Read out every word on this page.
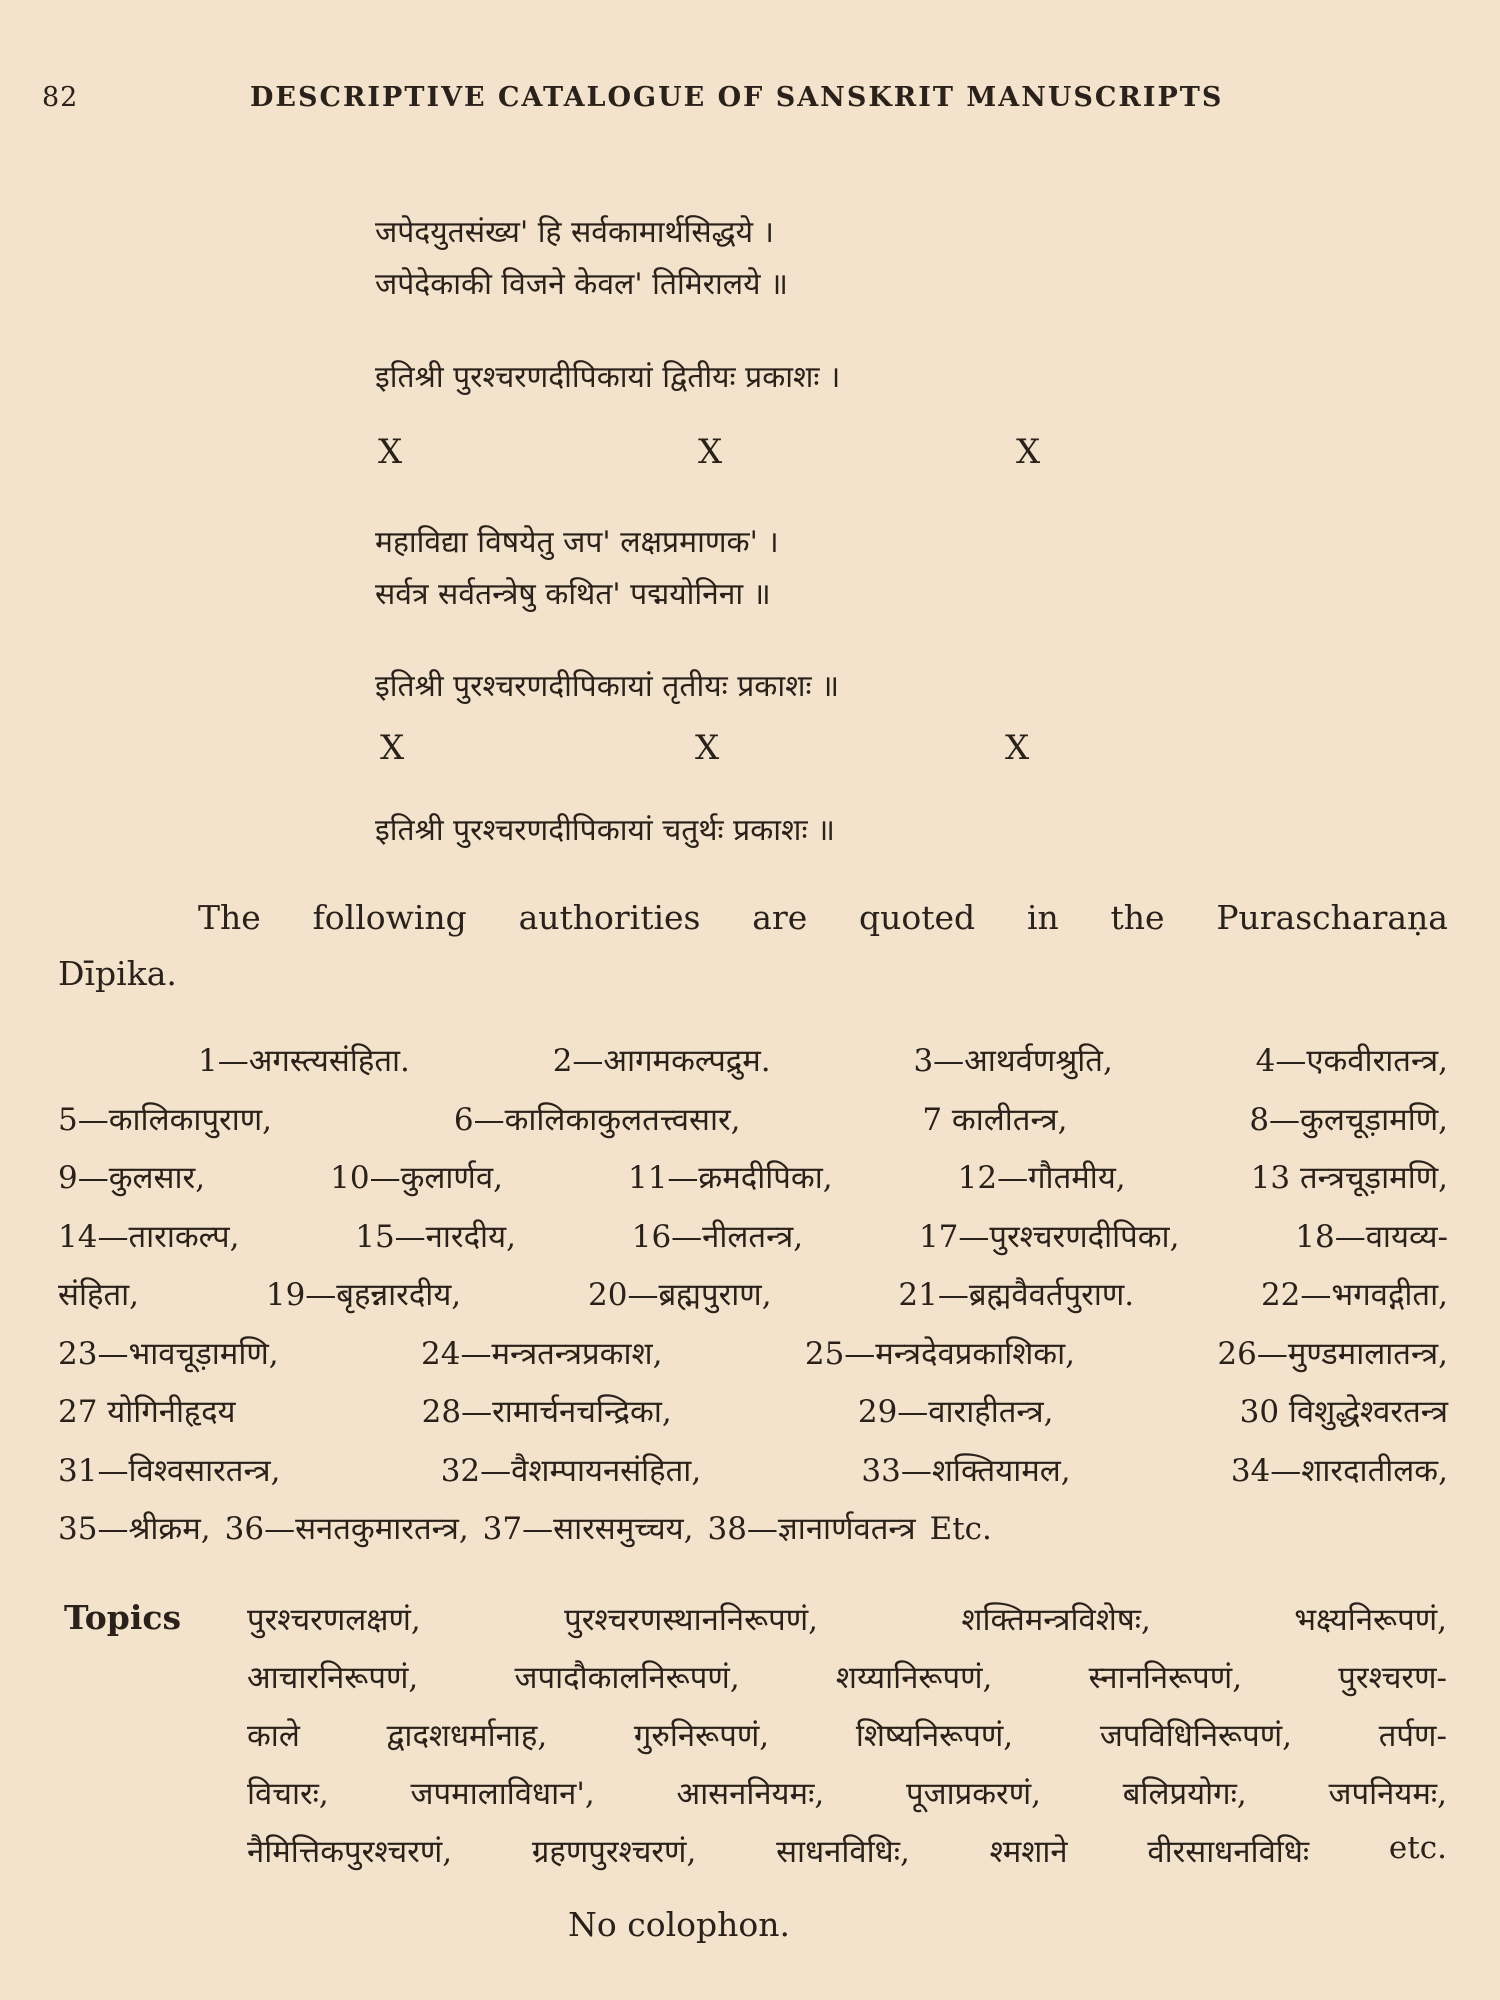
82	DESCRIPTIVE CATALOGUE OF SANSKRIT MANUSCRIPTS
जपेदयुतसंख्य' हि सर्वकामार्थसिद्धये ।
जपेदेकाकी विजने केवल' तिमिरालये ॥
इतिश्री पुरश्चरणदीपिकायां द्वितीयः प्रकाशः ।
X	X	X
महाविद्या विषयेतु जप' लक्षप्रमाणक' ।
सर्वत्र सर्वतन्त्रेषु कथित' पद्मयोनिना ॥
इतिश्री पुरश्चरणदीपिकायां तृतीयः प्रकाशः ॥
X	X	X
इतिश्री पुरश्चरणदीपिकायां चतुर्थः प्रकाशः ॥
The following authorities are quoted in the Purascharaṇa
Dīpika.
1—अगस्त्यसंहिता.	2—आगमकल्पद्रुम.	3—आथर्वणश्रुति,	4—एकवीरातन्त्र,
5—कालिकापुराण,	6—कालिकाकुलतत्त्वसार,	7 कालीतन्त्र,	8—कुलचूड़ामणि,
9—कुलसार,	10—कुलार्णव,	11—क्रमदीपिका,	12—गौतमीय,	13 तन्त्रचूड़ामणि,
14—ताराकल्प,	15—नारदीय,	16—नीलतन्त्र,	17—पुरश्चरणदीपिका,	18—वायव्य-
संहिता,	19—बृहन्नारदीय,	20—ब्रह्मपुराण,	21—ब्रह्मवैवर्तपुराण.	22—भगवद्गीता,
23—भावचूड़ामणि,	24—मन्त्रतन्त्रप्रकाश,	25—मन्त्रदेवप्रकाशिका,	26—मुण्डमालातन्त्र,
27 योगिनीहृदय	28—रामार्चनचन्द्रिका,	29—वाराहीतन्त्र,	30 विशुद्धेश्वरतन्त्र
31—विश्वसारतन्त्र,	32—वैशम्पायनसंहिता,	33—शक्तियामल,	34—शारदातीलक,
35—श्रीक्रम, 36—सनतकुमारतन्त्र, 37—सारसमुच्चय, 38—ज्ञानार्णवतन्त्र Etc.
Topics पुरश्चरणलक्षणं,	पुरश्चरणस्थाननिरूपणं,	शक्तिमन्त्रविशेषः,	भक्ष्यनिरूपणं,
आचारनिरूपणं,	जपादौकालनिरूपणं,	शय्यानिरूपणं,	स्नाननिरूपणं,	पुरश्चरण-
काले	द्वादशधर्मानाह,	गुरुनिरूपणं,	शिष्यनिरूपणं,	जपविधिनिरूपणं,	तर्पण-
विचारः,	जपमालाविधान',	आसननियमः,	पूजाप्रकरणं,	बलिप्रयोगः,	जपनियमः,
नैमित्तिकपुरश्चरणं,	ग्रहणपुरश्चरणं,	साधनविधिः,	श्मशाने	वीरसाधनविधिः	etc.
No colophon.
